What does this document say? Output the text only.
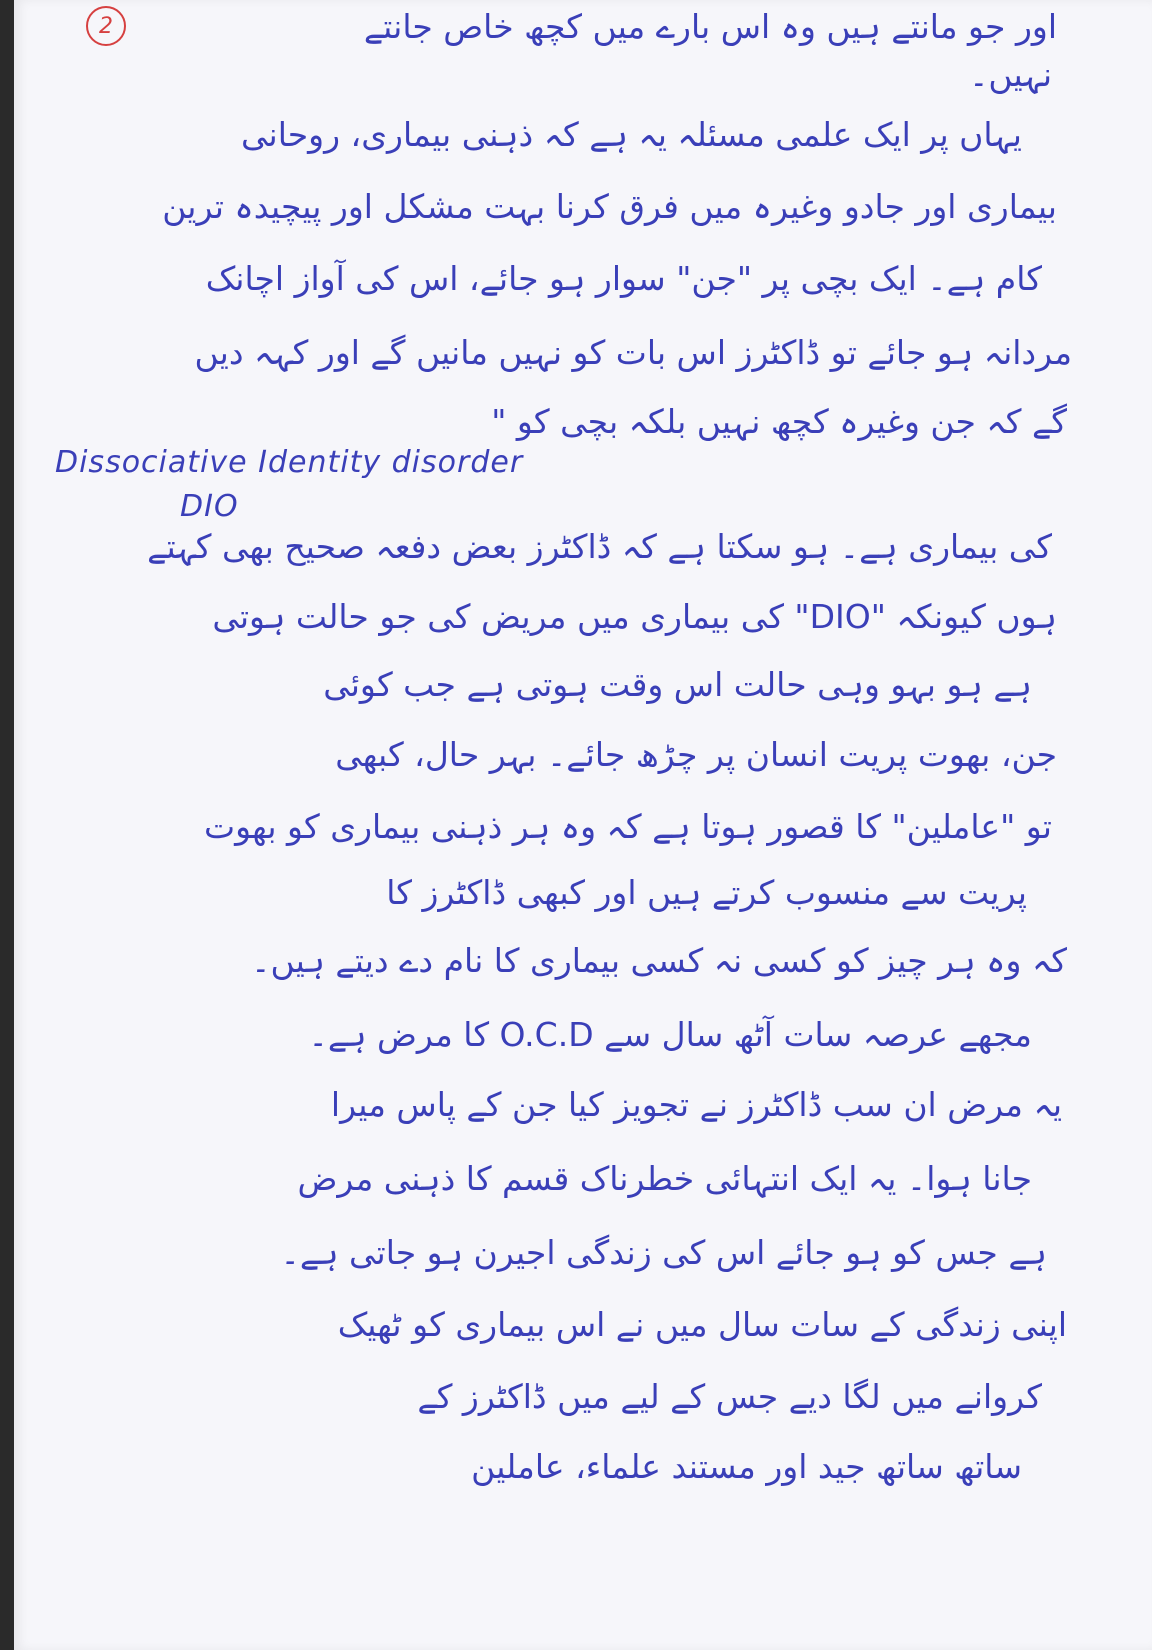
2	اور جو مانتے ہیں وہ اس بارے میں کچھ خاص جانتے
نہیں۔
یہاں پر ایک علمی مسئلہ یہ ہے کہ ذہنی بیماری، روحانی
بیماری اور جادو وغیرہ میں فرق کرنا بہت مشکل اور پیچیدہ ترین
کام ہے۔ ایک بچی پر "جن" سوار ہو جائے، اس کی آواز اچانک
مردانہ ہو جائے تو ڈاکٹرز اس بات کو نہیں مانیں گے اور کہہ دیں
گے کہ جن وغیرہ کچھ نہیں بلکہ بچی کو "
Dissociative Identity disorder
DIO
کی بیماری ہے۔ ہو سکتا ہے کہ ڈاکٹرز بعض دفعہ صحیح بھی کہتے
ہوں کیونکہ "DIO" کی بیماری میں مریض کی جو حالت ہوتی
ہے ہو بہو وہی حالت اس وقت ہوتی ہے جب کوئی
جن، بھوت پریت انسان پر چڑھ جائے۔ بہر حال، کبھی
تو "عاملین" کا قصور ہوتا ہے کہ وہ ہر ذہنی بیماری کو بھوت
پریت سے منسوب کرتے ہیں اور کبھی ڈاکٹرز کا
کہ وہ ہر چیز کو کسی نہ کسی بیماری کا نام دے دیتے ہیں۔
مجھے عرصہ سات آٹھ سال سے O.C.D کا مرض ہے۔
یہ مرض ان سب ڈاکٹرز نے تجویز کیا جن کے پاس میرا
جانا ہوا۔ یہ ایک انتہائی خطرناک قسم کا ذہنی مرض
ہے جس کو ہو جائے اس کی زندگی اجیرن ہو جاتی ہے۔
اپنی زندگی کے سات سال میں نے اس بیماری کو ٹھیک
کروانے میں لگا دیے جس کے لیے میں ڈاکٹرز کے
ساتھ ساتھ جید اور مستند علماء، عاملین
